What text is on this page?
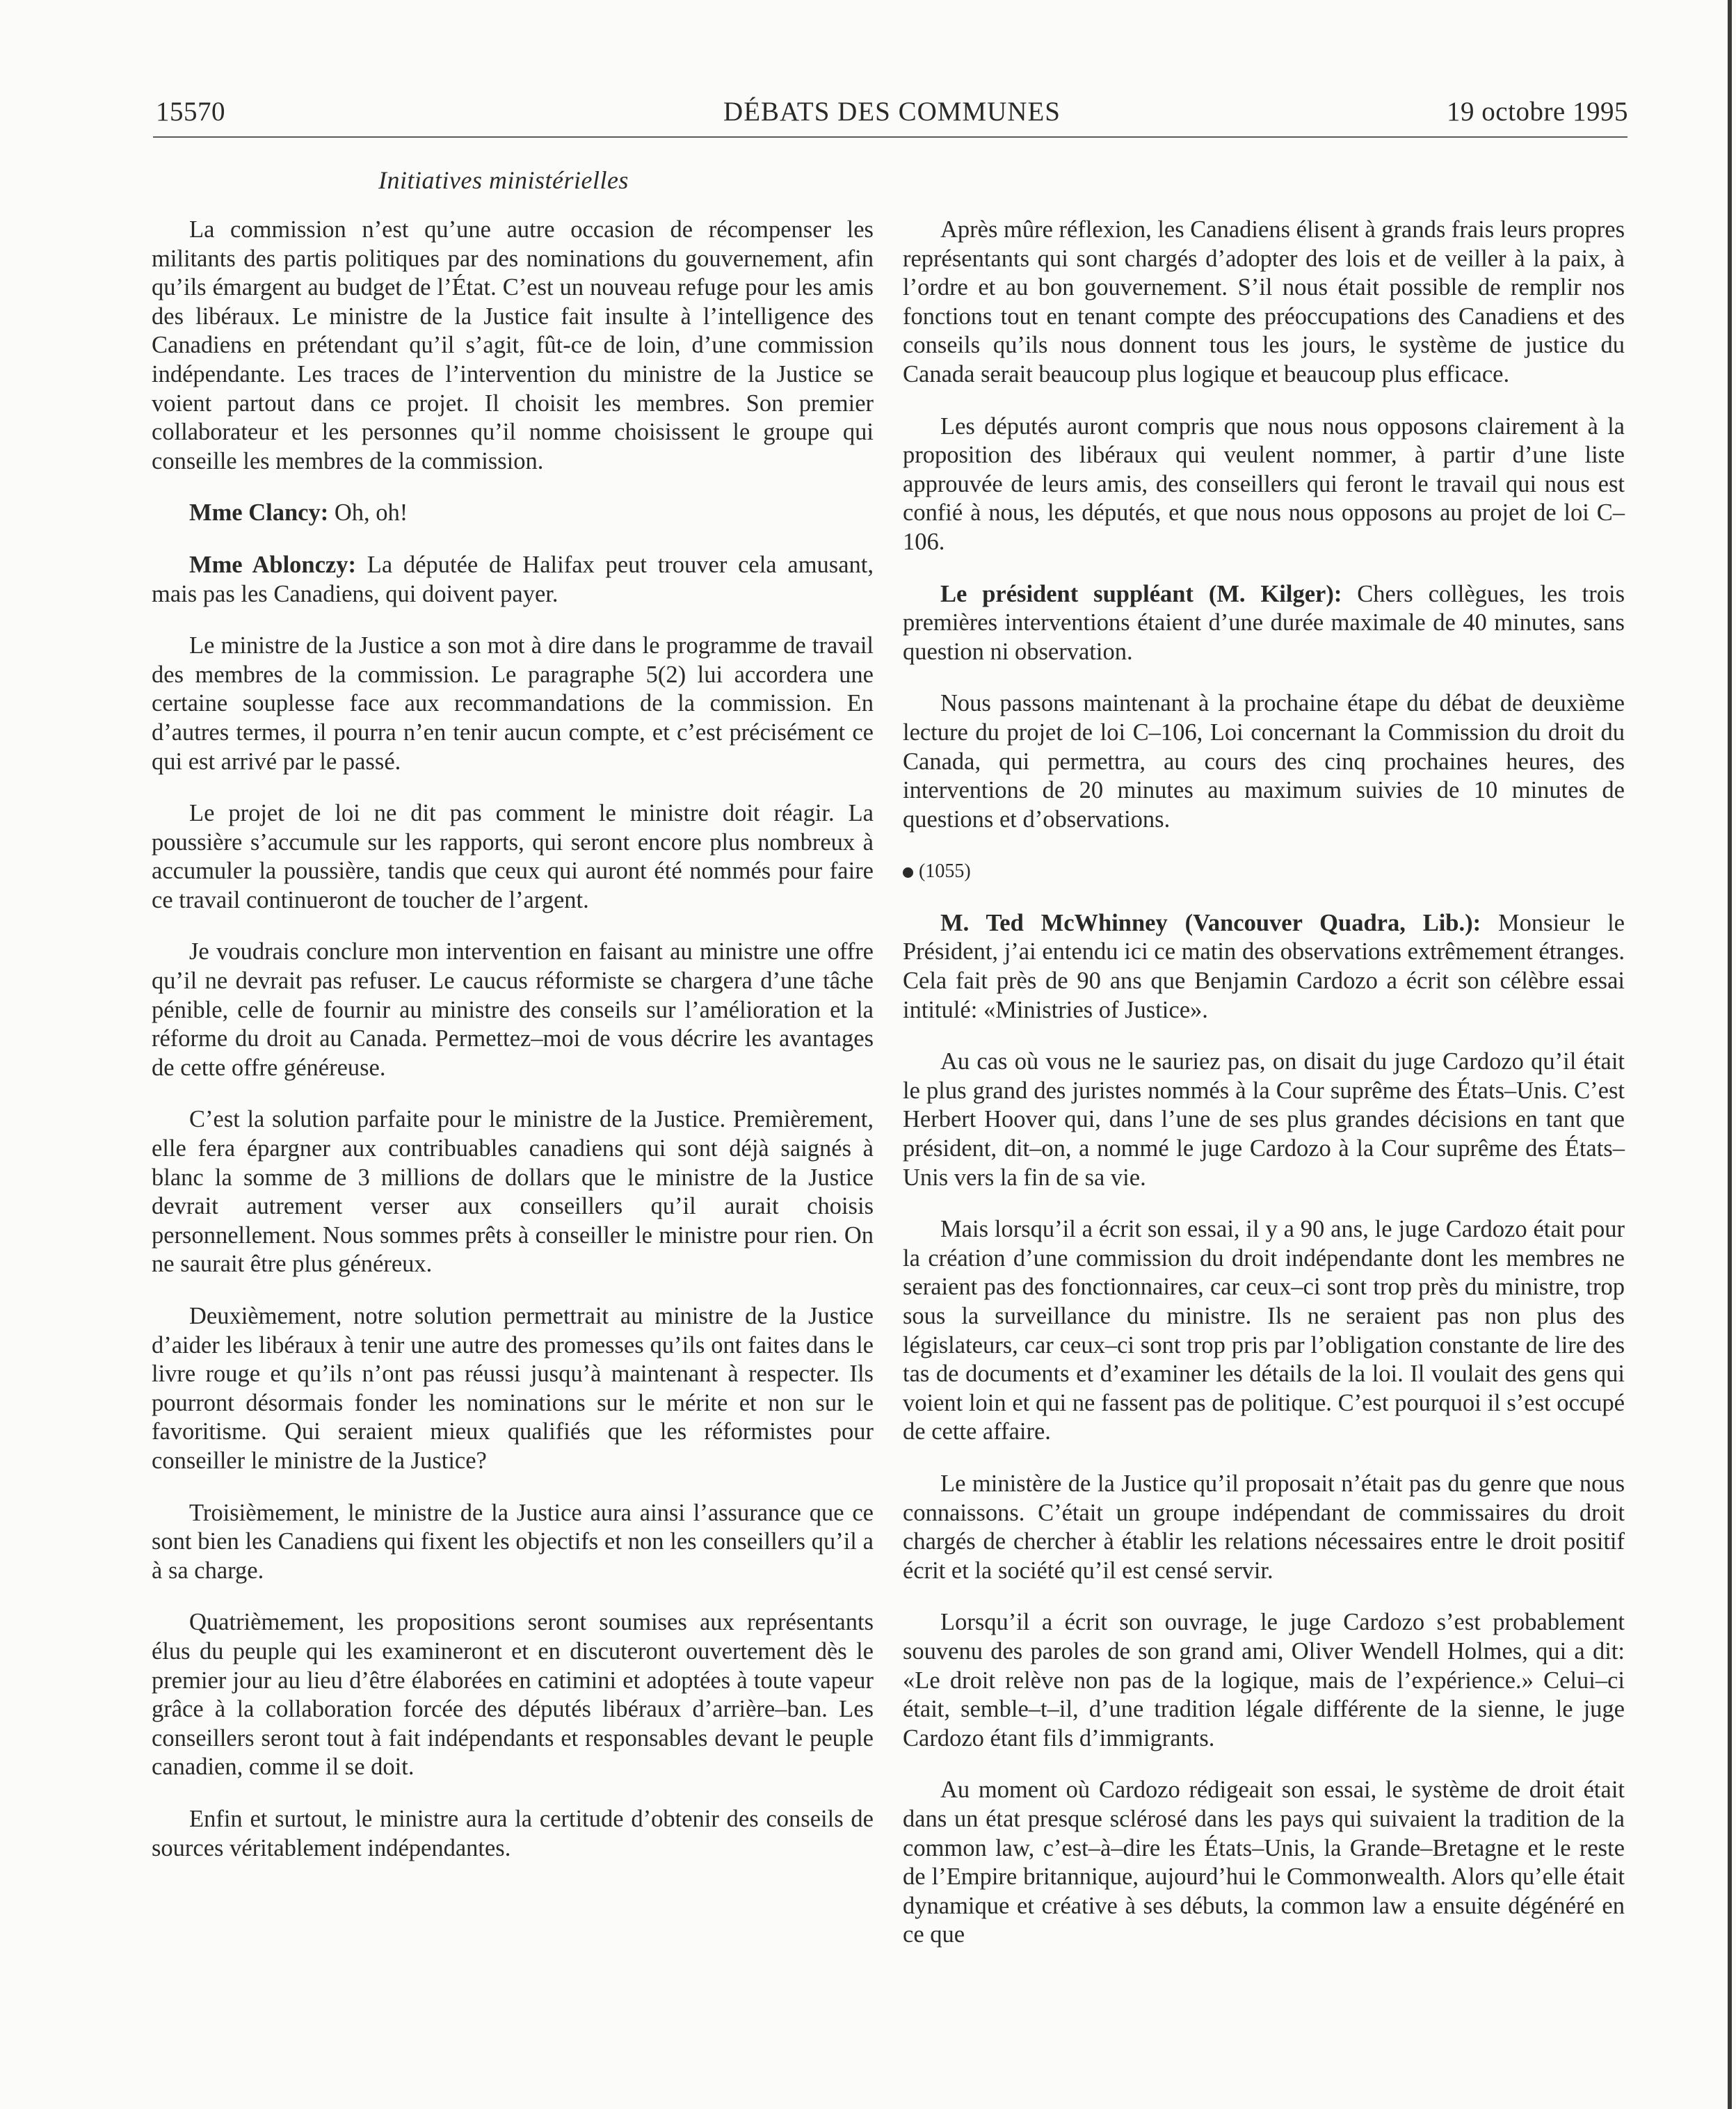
15570	DÉBATS DES COMMUNES	19 octobre 1995
Initiatives ministérielles

La commission n’est qu’une autre occasion de récompenser les militants des partis politiques par des nominations du gouvernement, afin qu’ils émargent au budget de l’État. C’est un nouveau refuge pour les amis des libéraux. Le ministre de la Justice fait insulte à l’intelligence des Canadiens en prétendant qu’il s’agit, fût-ce de loin, d’une commission indépendante. Les traces de l’intervention du ministre de la Justice se voient partout dans ce projet. Il choisit les membres. Son premier collaborateur et les personnes qu’il nomme choisissent le groupe qui conseille les membres de la commission.

Mme Clancy: Oh, oh!

Mme Ablonczy: La députée de Halifax peut trouver cela amusant, mais pas les Canadiens, qui doivent payer.

Le ministre de la Justice a son mot à dire dans le programme de travail des membres de la commission. Le paragraphe 5(2) lui accordera une certaine souplesse face aux recommandations de la commission. En d’autres termes, il pourra n’en tenir aucun compte, et c’est précisément ce qui est arrivé par le passé.

Le projet de loi ne dit pas comment le ministre doit réagir. La poussière s’accumule sur les rapports, qui seront encore plus nombreux à accumuler la poussière, tandis que ceux qui auront été nommés pour faire ce travail continueront de toucher de l’argent.

Je voudrais conclure mon intervention en faisant au ministre une offre qu’il ne devrait pas refuser. Le caucus réformiste se chargera d’une tâche pénible, celle de fournir au ministre des conseils sur l’amélioration et la réforme du droit au Canada. Permettez–moi de vous décrire les avantages de cette offre généreuse.

C’est la solution parfaite pour le ministre de la Justice. Premièrement, elle fera épargner aux contribuables canadiens qui sont déjà saignés à blanc la somme de 3 millions de dollars que le ministre de la Justice devrait autrement verser aux conseillers qu’il aurait choisis personnellement. Nous sommes prêts à conseiller le ministre pour rien. On ne saurait être plus généreux.

Deuxièmement, notre solution permettrait au ministre de la Justice d’aider les libéraux à tenir une autre des promesses qu’ils ont faites dans le livre rouge et qu’ils n’ont pas réussi jusqu’à maintenant à respecter. Ils pourront désormais fonder les nominations sur le mérite et non sur le favoritisme. Qui seraient mieux qualifiés que les réformistes pour conseiller le ministre de la Justice?

Troisièmement, le ministre de la Justice aura ainsi l’assurance que ce sont bien les Canadiens qui fixent les objectifs et non les conseillers qu’il a à sa charge.

Quatrièmement, les propositions seront soumises aux représentants élus du peuple qui les examineront et en discuteront ouvertement dès le premier jour au lieu d’être élaborées en catimini et adoptées à toute vapeur grâce à la collaboration forcée des députés libéraux d’arrière–ban. Les conseillers seront tout à fait indépendants et responsables devant le peuple canadien, comme il se doit.

Enfin et surtout, le ministre aura la certitude d’obtenir des conseils de sources véritablement indépendantes.

Après mûre réflexion, les Canadiens élisent à grands frais leurs propres représentants qui sont chargés d’adopter des lois et de veiller à la paix, à l’ordre et au bon gouvernement. S’il nous était possible de remplir nos fonctions tout en tenant compte des préoccupations des Canadiens et des conseils qu’ils nous donnent tous les jours, le système de justice du Canada serait beaucoup plus logique et beaucoup plus efficace.

Les députés auront compris que nous nous opposons clairement à la proposition des libéraux qui veulent nommer, à partir d’une liste approuvée de leurs amis, des conseillers qui feront le travail qui nous est confié à nous, les députés, et que nous nous opposons au projet de loi C–106.

Le président suppléant (M. Kilger): Chers collègues, les trois premières interventions étaient d’une durée maximale de 40 minutes, sans question ni observation.

Nous passons maintenant à la prochaine étape du débat de deuxième lecture du projet de loi C–106, Loi concernant la Commission du droit du Canada, qui permettra, au cours des cinq prochaines heures, des interventions de 20 minutes au maximum suivies de 10 minutes de questions et d’observations.

(1055)

M. Ted McWhinney (Vancouver Quadra, Lib.): Monsieur le Président, j’ai entendu ici ce matin des observations extrêmement étranges. Cela fait près de 90 ans que Benjamin Cardozo a écrit son célèbre essai intitulé: «Ministries of Justice».

Au cas où vous ne le sauriez pas, on disait du juge Cardozo qu’il était le plus grand des juristes nommés à la Cour suprême des États–Unis. C’est Herbert Hoover qui, dans l’une de ses plus grandes décisions en tant que président, dit–on, a nommé le juge Cardozo à la Cour suprême des États–Unis vers la fin de sa vie.

Mais lorsqu’il a écrit son essai, il y a 90 ans, le juge Cardozo était pour la création d’une commission du droit indépendante dont les membres ne seraient pas des fonctionnaires, car ceux–ci sont trop près du ministre, trop sous la surveillance du ministre. Ils ne seraient pas non plus des législateurs, car ceux–ci sont trop pris par l’obligation constante de lire des tas de documents et d’examiner les détails de la loi. Il voulait des gens qui voient loin et qui ne fassent pas de politique. C’est pourquoi il s’est occupé de cette affaire.

Le ministère de la Justice qu’il proposait n’était pas du genre que nous connaissons. C’était un groupe indépendant de commissaires du droit chargés de chercher à établir les relations nécessaires entre le droit positif écrit et la société qu’il est censé servir.

Lorsqu’il a écrit son ouvrage, le juge Cardozo s’est probablement souvenu des paroles de son grand ami, Oliver Wendell Holmes, qui a dit: «Le droit relève non pas de la logique, mais de l’expérience.» Celui–ci était, semble–t–il, d’une tradition légale différente de la sienne, le juge Cardozo étant fils d’immigrants.

Au moment où Cardozo rédigeait son essai, le système de droit était dans un état presque sclérosé dans les pays qui suivaient la tradition de la common law, c’est–à–dire les États–Unis, la Grande–Bretagne et le reste de l’Empire britannique, aujourd’hui le Commonwealth. Alors qu’elle était dynamique et créative à ses débuts, la common law a ensuite dégénéré en ce que
